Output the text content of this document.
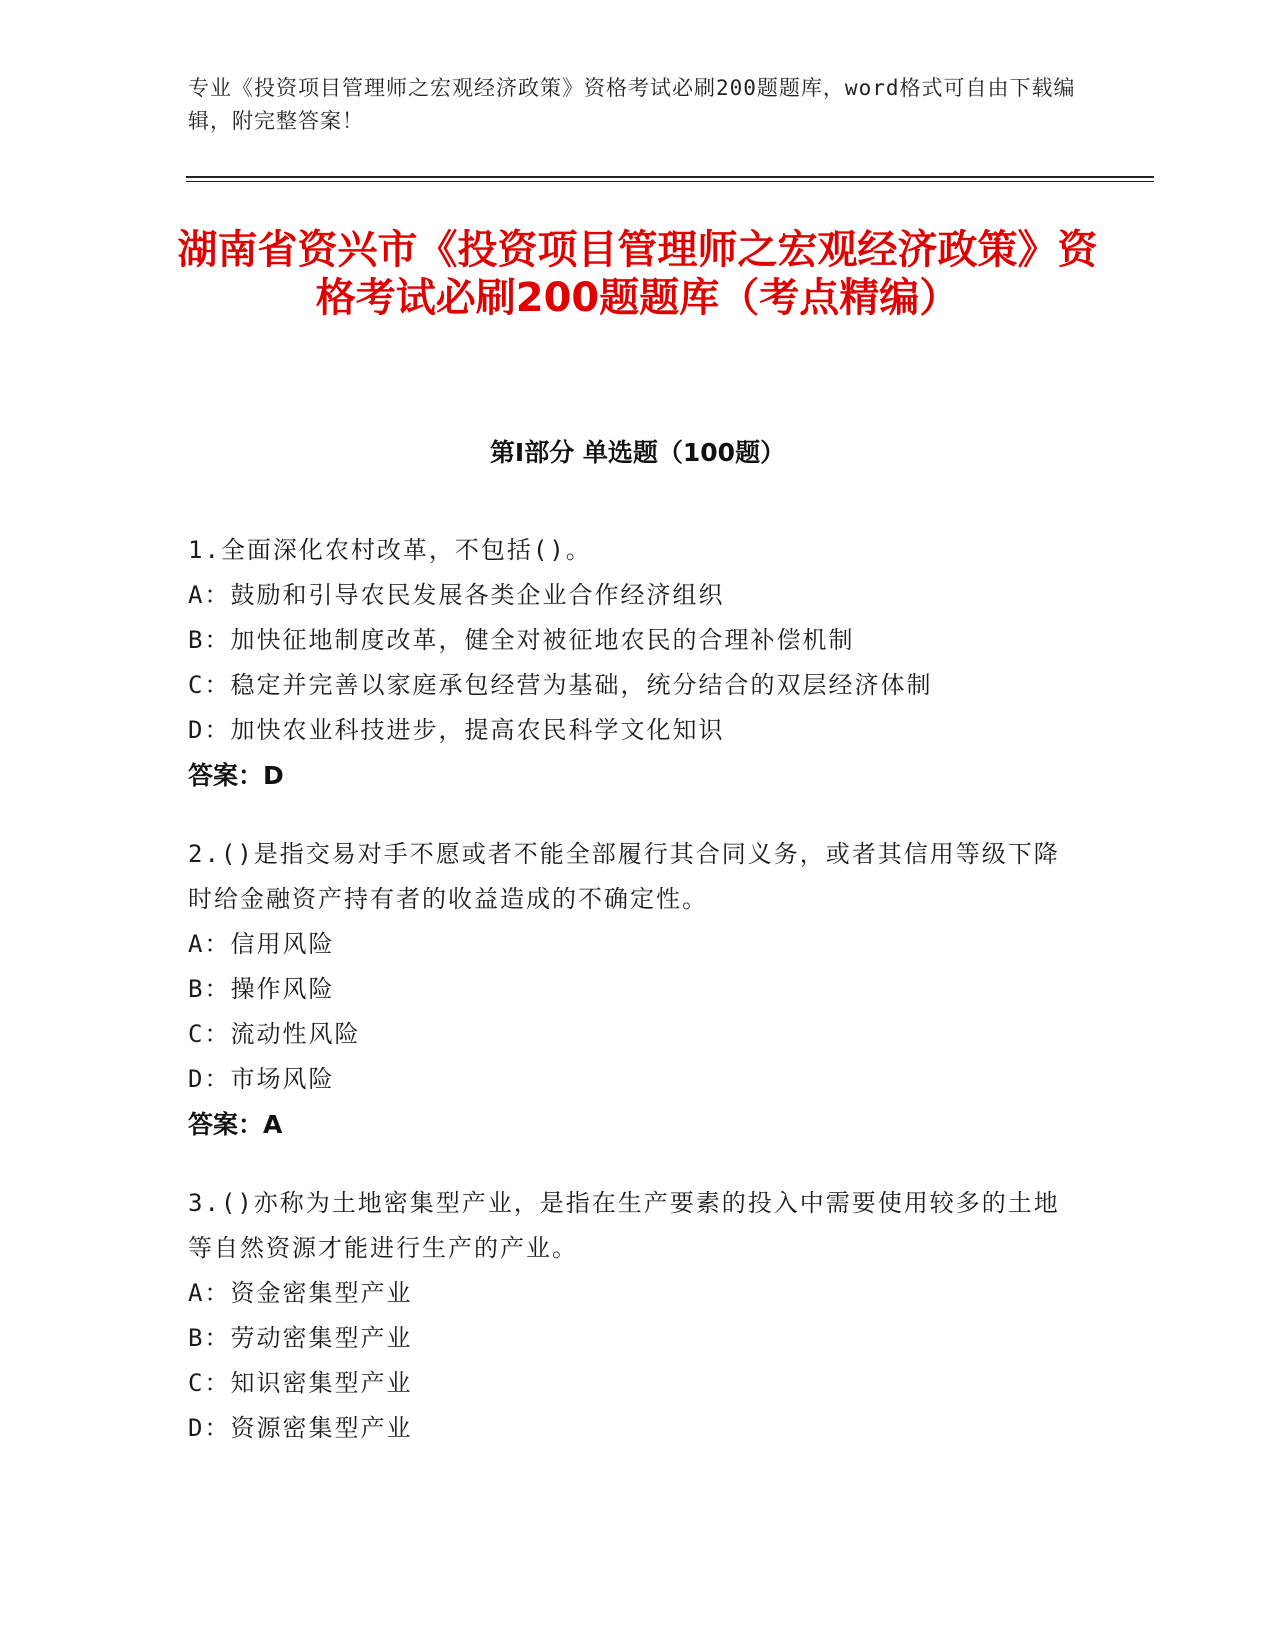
专业《投资项目管理师之宏观经济政策》资格考试必刷200题题库，word格式可自由下载编辑，附完整答案！
湖南省资兴市《投资项目管理师之宏观经济政策》资格考试必刷200题题库（考点精编）
第I部分 单选题（100题）
1.全面深化农村改革，不包括()。
A：鼓励和引导农民发展各类企业合作经济组织
B：加快征地制度改革，健全对被征地农民的合理补偿机制
C：稳定并完善以家庭承包经营为基础，统分结合的双层经济体制
D：加快农业科技进步，提高农民科学文化知识
答案：D
2.()是指交易对手不愿或者不能全部履行其合同义务，或者其信用等级下降时给金融资产持有者的收益造成的不确定性。
A：信用风险
B：操作风险
C：流动性风险
D：市场风险
答案：A
3.()亦称为土地密集型产业，是指在生产要素的投入中需要使用较多的土地等自然资源才能进行生产的产业。
A：资金密集型产业
B：劳动密集型产业
C：知识密集型产业
D：资源密集型产业
